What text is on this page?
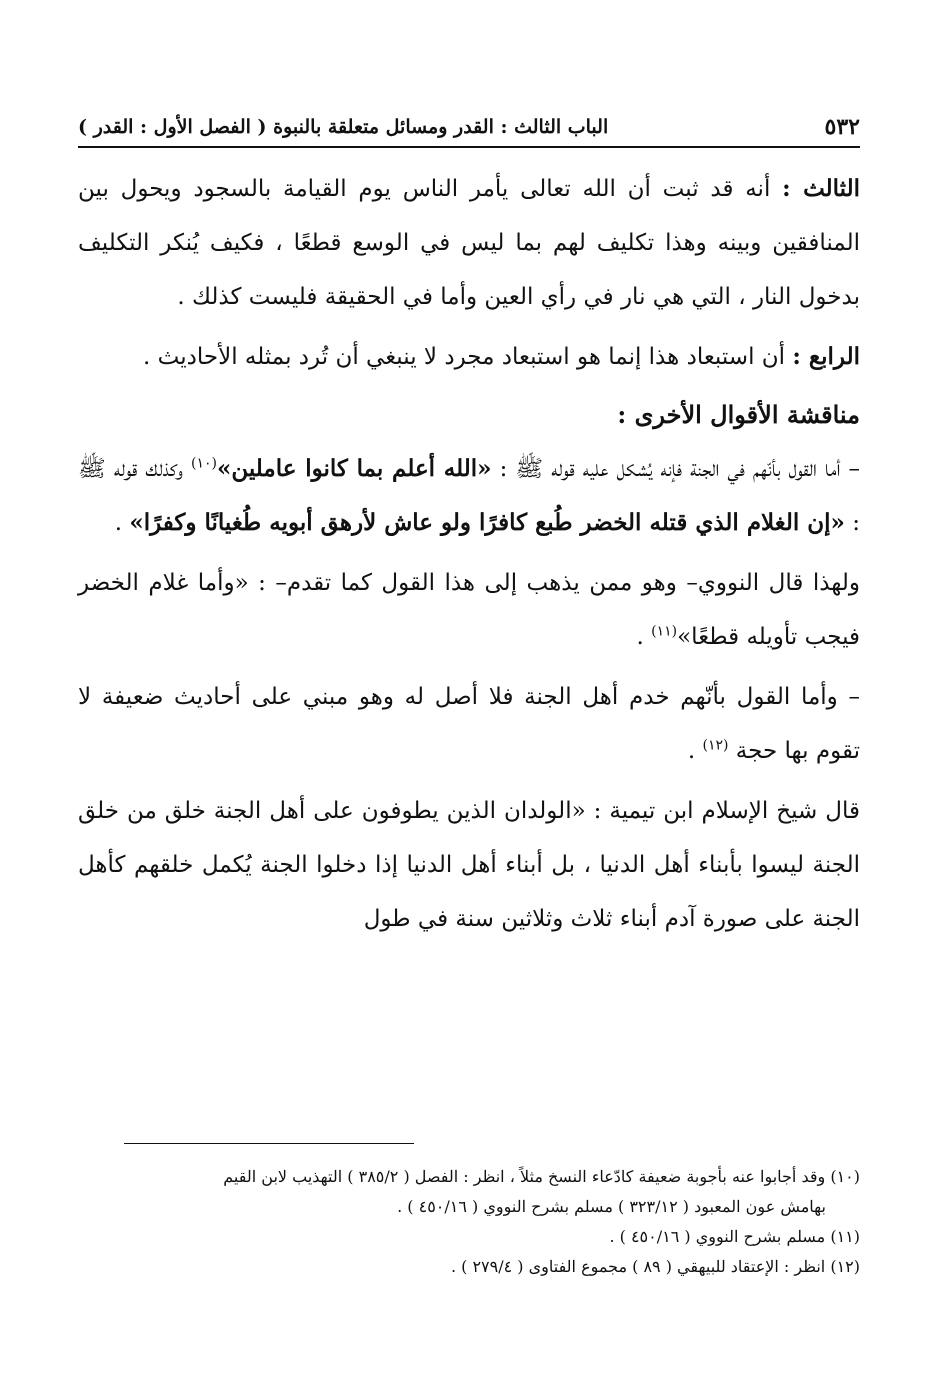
٥٣٢
الباب الثالث : القدر ومسائل متعلقة بالنبوة ( الفصل الأول : القدر )

الثالث : أنه قد ثبت أن الله تعالى يأمر الناس يوم القيامة بالسجود ويحول بين المنافقين وبينه وهذا تكليف لهم بما ليس في الوسع قطعًا ، فكيف يُنكر التكليف بدخول النار ، التي هي نار في رأي العين وأما في الحقيقة فليست كذلك .

الرابع : أن استبعاد هذا إنما هو استبعاد مجرد لا ينبغي أن تُرد بمثله الأحاديث .

مناقشة الأقوال الأخرى :

– أما القول بأنّهم في الجنة فإنه يُشكل عليه قوله ﷺ : «الله أعلم بما كانوا عاملين»$^{(١٠)}$ وكذلك قوله ﷺ : «إن الغلام الذي قتله الخضر طُبع كافرًا ولو عاش لأرهق أبويه طُغيانًا وكفرًا» .

ولهذا قال النووي– وهو ممن يذهب إلى هذا القول كما تقدم– : «وأما غلام الخضر فيجب تأويله قطعًا»$^{(١١)}$ .

– وأما القول بأنّهم خدم أهل الجنة فلا أصل له وهو مبني على أحاديث ضعيفة لا تقوم بها حجة $^{(١٢)}$ .

قال شيخ الإسلام ابن تيمية : «الولدان الذين يطوفون على أهل الجنة خلق من خلق الجنة ليسوا بأبناء أهل الدنيا ، بل أبناء أهل الدنيا إذا دخلوا الجنة يُكمل خلقهم كأهل الجنة على صورة آدم أبناء ثلاث وثلاثين سنة في طول

(١٠) وقد أجابوا عنه بأجوبة ضعيفة كادّعاء النسخ مثلاً ، انظر : الفصل ( ٣٨٥/٢ ) التهذيب لابن القيم
بهامش عون المعبود ( ٣٢٣/١٢ ) مسلم بشرح النووي ( ٤٥٠/١٦ ) .

(١١) مسلم بشرح النووي ( ٤٥٠/١٦ ) .

(١٢) انظر : الإعتقاد للبيهقي ( ٨٩ ) مجموع الفتاوى ( ٢٧٩/٤ ) .
